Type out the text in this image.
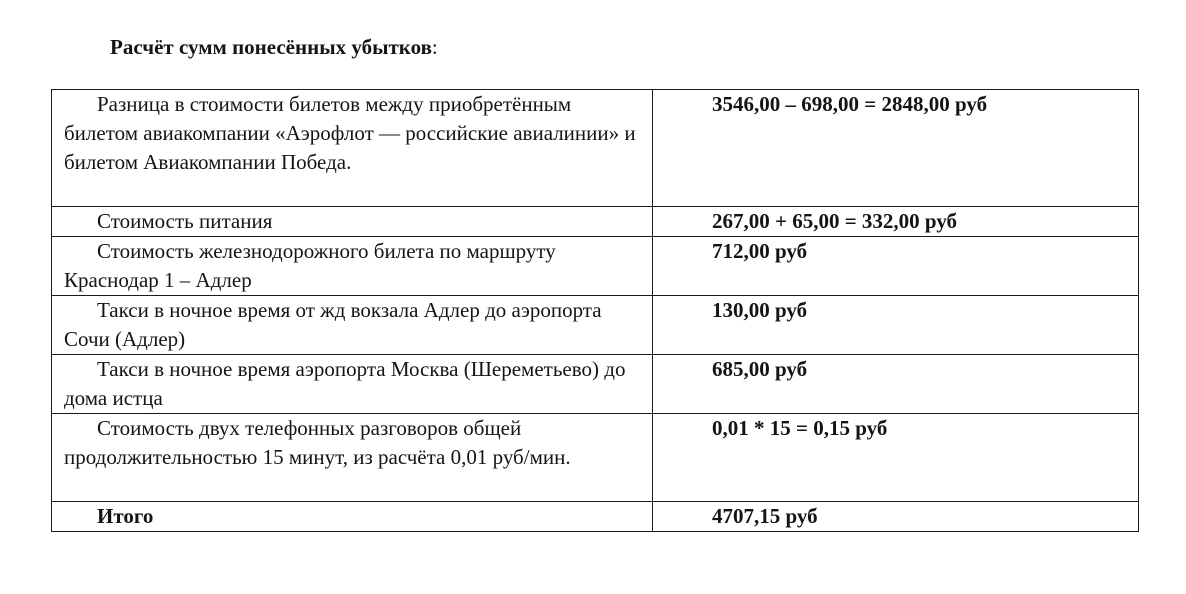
Расчёт сумм понесённых убытков:
Разница в стоимости билетов между приобретённым билетом авиакомпании «Аэрофлот — российские авиалинии» и билетом Авиакомпании Победа.	3546,00 – 698,00 = 2848,00 руб
Стоимость питания	267,00 + 65,00 = 332,00 руб
Стоимость железнодорожного билета по маршруту Краснодар 1 – Адлер	712,00 руб
Такси в ночное время от жд вокзала Адлер до аэропорта Сочи (Адлер)	130,00 руб
Такси в ночное время аэропорта Москва (Шереметьево) до дома истца	685,00 руб
Стоимость двух телефонных разговоров общей продолжительностью 15 минут, из расчёта 0,01 руб/мин.	0,01 * 15 = 0,15 руб
Итого	4707,15 руб
